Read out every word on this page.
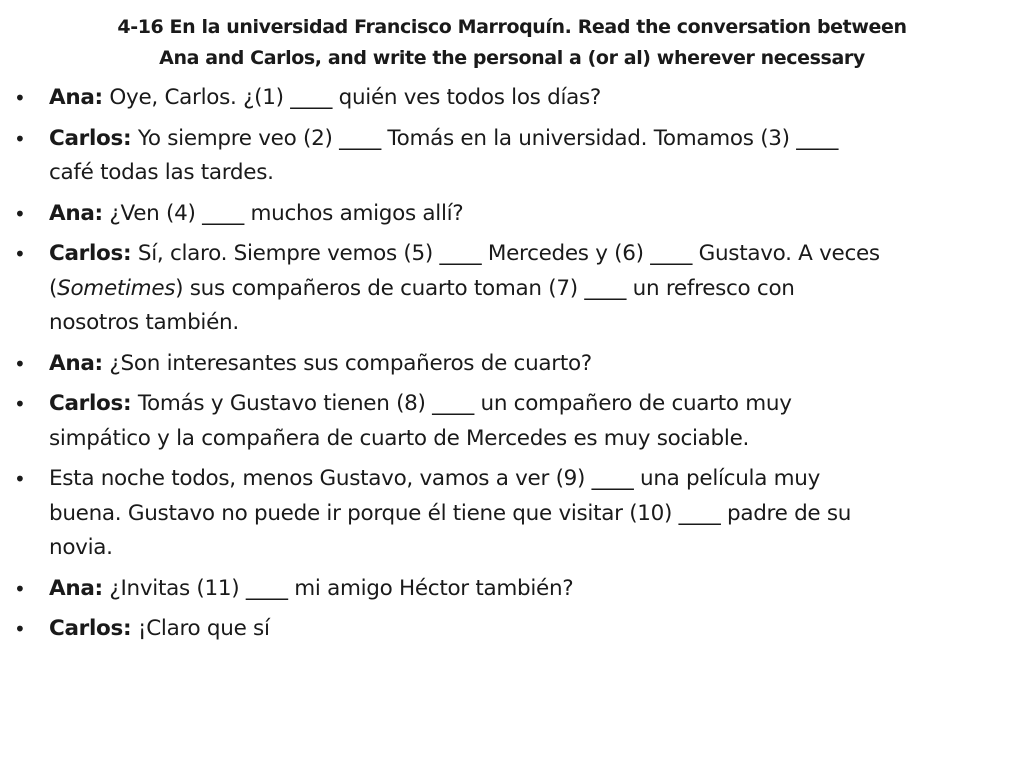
4-16 En la universidad Francisco Marroquín. Read the conversation between
Ana and Carlos, and write the personal a (or al) wherever necessary
• Ana: Oye, Carlos. ¿(1) ____ quién ves todos los días?
• Carlos: Yo siempre veo (2) ____ Tomás en la universidad. Tomamos (3) ____
café todas las tardes.
• Ana: ¿Ven (4) ____ muchos amigos allí?
• Carlos: Sí, claro. Siempre vemos (5) ____ Mercedes y (6) ____ Gustavo. A veces
(Sometimes) sus compañeros de cuarto toman (7) ____ un refresco con
nosotros también.
• Ana: ¿Son interesantes sus compañeros de cuarto?
• Carlos: Tomás y Gustavo tienen (8) ____ un compañero de cuarto muy
simpático y la compañera de cuarto de Mercedes es muy sociable.
• Esta noche todos, menos Gustavo, vamos a ver (9) ____ una película muy
buena. Gustavo no puede ir porque él tiene que visitar (10) ____ padre de su
novia.
• Ana: ¿Invitas (11) ____ mi amigo Héctor también?
• Carlos: ¡Claro que sí
